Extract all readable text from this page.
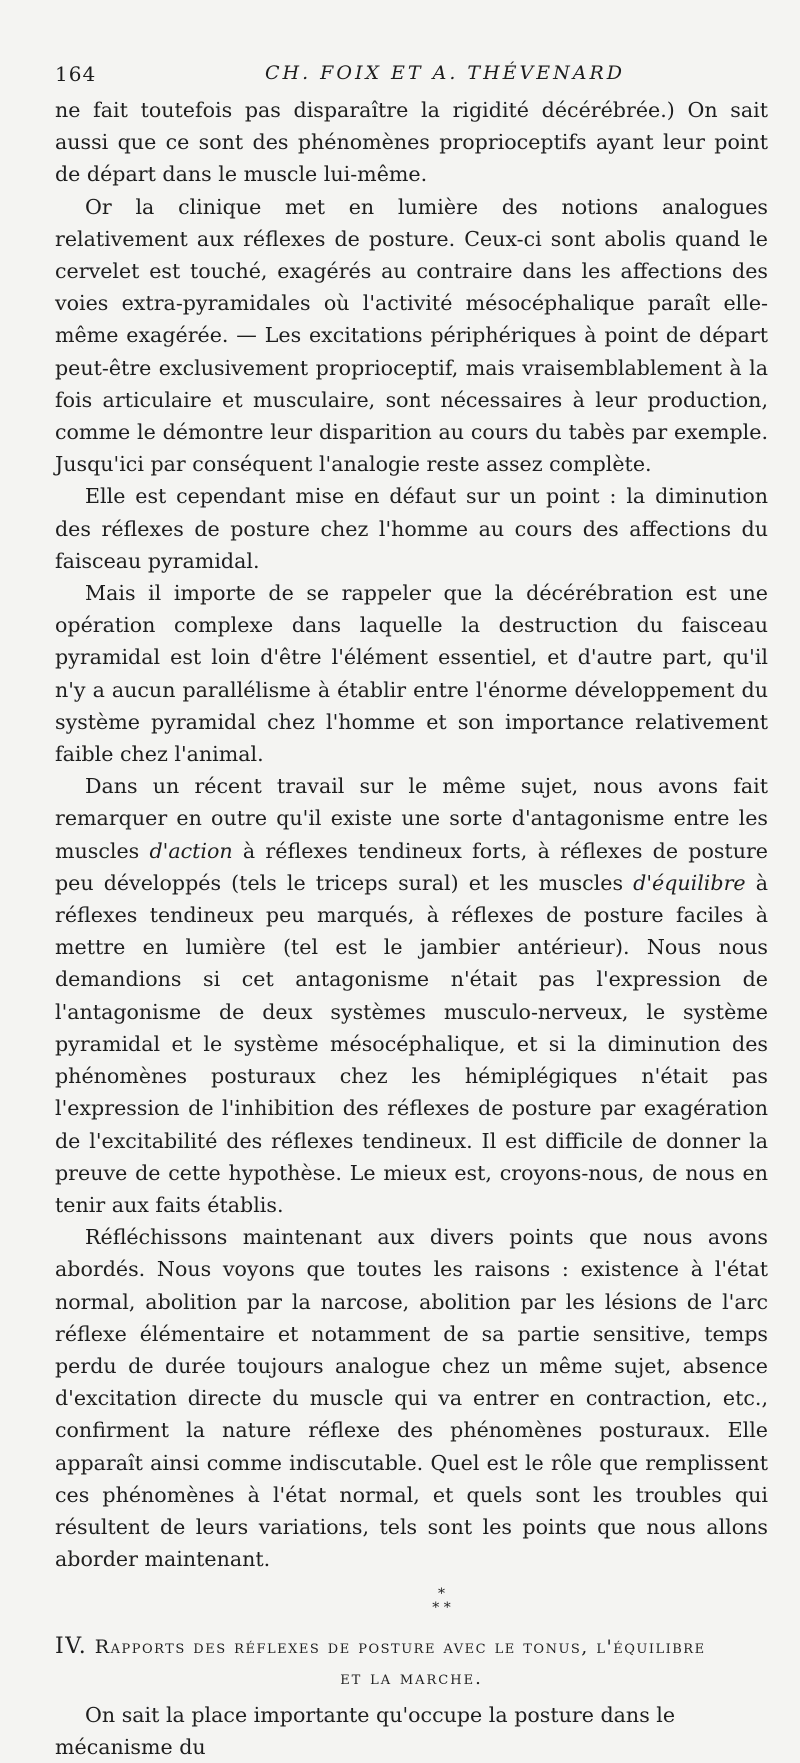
164	CH. FOIX ET A. THÉVENARD

ne fait toutefois pas disparaître la rigidité décérébrée.) On sait aussi que ce sont des phénomènes proprioceptifs ayant leur point de départ dans le muscle lui-même.

Or la clinique met en lumière des notions analogues relativement aux réflexes de posture. Ceux-ci sont abolis quand le cervelet est touché, exagérés au contraire dans les affections des voies extra-pyramidales où l'activité mésocéphalique paraît elle-même exagérée. — Les excitations périphériques à point de départ peut-être exclusivement proprioceptif, mais vraisemblablement à la fois articulaire et musculaire, sont nécessaires à leur production, comme le démontre leur disparition au cours du tabès par exemple. Jusqu'ici par conséquent l'analogie reste assez complète.

Elle est cependant mise en défaut sur un point : la diminution des réflexes de posture chez l'homme au cours des affections du faisceau pyramidal.

Mais il importe de se rappeler que la décérébration est une opération complexe dans laquelle la destruction du faisceau pyramidal est loin d'être l'élément essentiel, et d'autre part, qu'il n'y a aucun parallélisme à établir entre l'énorme développement du système pyramidal chez l'homme et son importance relativement faible chez l'animal.

Dans un récent travail sur le même sujet, nous avons fait remarquer en outre qu'il existe une sorte d'antagonisme entre les muscles d'action à réflexes tendineux forts, à réflexes de posture peu développés (tels le triceps sural) et les muscles d'équilibre à réflexes tendineux peu marqués, à réflexes de posture faciles à mettre en lumière (tel est le jambier antérieur). Nous nous demandions si cet antagonisme n'était pas l'expression de l'antagonisme de deux systèmes musculo-nerveux, le système pyramidal et le système mésocéphalique, et si la diminution des phénomènes posturaux chez les hémiplégiques n'était pas l'expression de l'inhibition des réflexes de posture par exagération de l'excitabilité des réflexes tendineux. Il est difficile de donner la preuve de cette hypothèse. Le mieux est, croyons-nous, de nous en tenir aux faits établis.

Réfléchissons maintenant aux divers points que nous avons abordés. Nous voyons que toutes les raisons : existence à l'état normal, abolition par la narcose, abolition par les lésions de l'arc réflexe élémentaire et notamment de sa partie sensitive, temps perdu de durée toujours analogue chez un même sujet, absence d'excitation directe du muscle qui va entrer en contraction, etc., confirment la nature réflexe des phénomènes posturaux. Elle apparaît ainsi comme indiscutable. Quel est le rôle que remplissent ces phénomènes à l'état normal, et quels sont les troubles qui résultent de leurs variations, tels sont les points que nous allons aborder maintenant.

*
* *

IV. Rapports des réflexes de posture avec le tonus, l'équilibre

et la marche.

On sait la place importante qu'occupe la posture dans le mécanisme du
